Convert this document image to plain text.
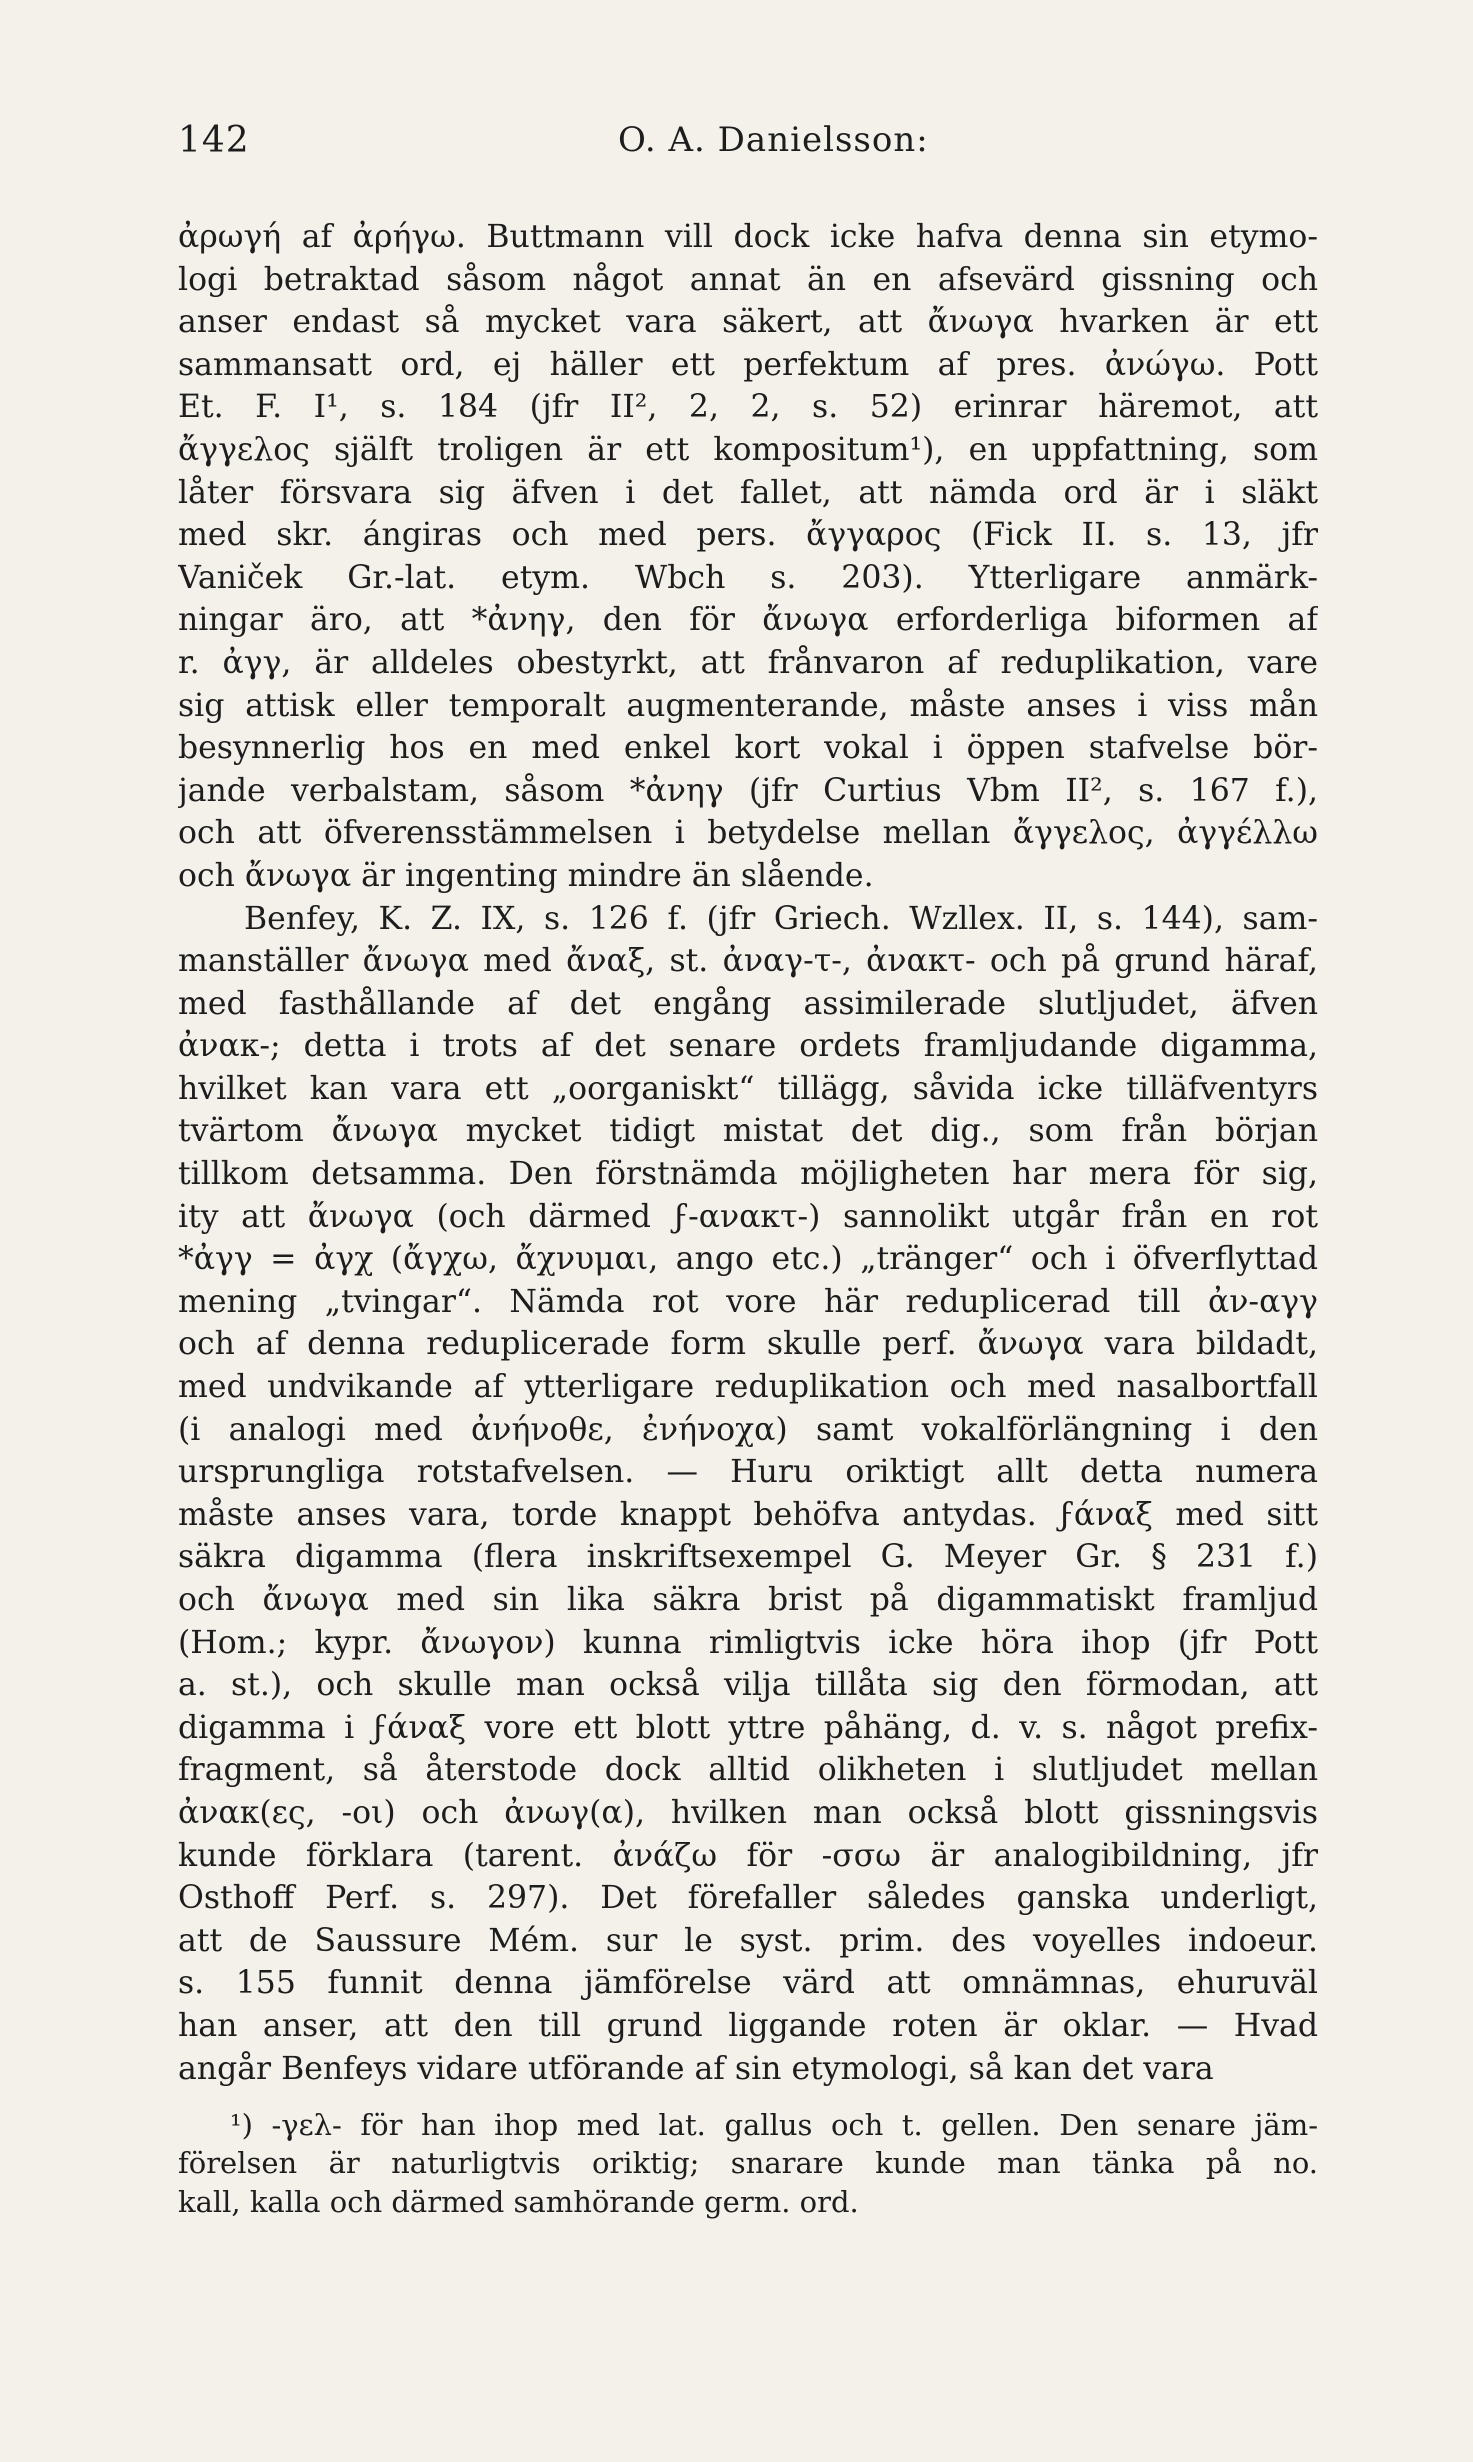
142	O. A. Danielsson:
ἀρωγή af ἀρήγω. Buttmann vill dock icke hafva denna sin etymo-
logi betraktad såsom något annat än en afsevärd gissning och
anser endast så mycket vara säkert, att ἄνωγα hvarken är ett
sammansatt ord, ej häller ett perfektum af pres. ἀνώγω. Pott
Et. F. I¹, s. 184 (jfr II², 2, 2, s. 52) erinrar häremot, att
ἄγγελος själft troligen är ett kompositum¹), en uppfattning, som
låter försvara sig äfven i det fallet, att nämda ord är i släkt
med skr. ángiras och med pers. ἄγγαρος (Fick II. s. 13, jfr
Vaniček Gr.-lat. etym. Wbch s. 203). Ytterligare anmärk-
ningar äro, att *ἀνηγ, den för ἄνωγα erforderliga biformen af
r. ἀγγ, är alldeles obestyrkt, att frånvaron af reduplikation, vare
sig attisk eller temporalt augmenterande, måste anses i viss mån
besynnerlig hos en med enkel kort vokal i öppen stafvelse bör-
jande verbalstam, såsom *ἀνηγ (jfr Curtius Vbm II², s. 167 f.),
och att öfverensstämmelsen i betydelse mellan ἄγγελος, ἀγγέλλω
och ἄνωγα är ingenting mindre än slående.
Benfey, K. Z. IX, s. 126 f. (jfr Griech. Wzllex. II, s. 144), sam-
manställer ἄνωγα med ἄναξ, st. ἀναγ-τ-, ἀνακτ- och på grund häraf,
med fasthållande af det engång assimilerade slutljudet, äfven
ἀνακ-; detta i trots af det senare ordets framljudande digamma,
' hvilket kan vara ett „oorganiskt“ tillägg, såvida icke tilläfventyrs
tvärtom ἄνωγα mycket tidigt mistat det dig., som från början
tillkom detsamma. Den förstnämda möjligheten har mera för sig,
ity att ἄνωγα (och därmed ϝ-ανακτ-) sannolikt utgår från en rot
*ἀγγ = ἀγχ (ἄγχω, ἄχνυμαι, ango etc.) „tränger“ och i öfverflyttad
mening „tvingar“. Nämda rot vore här reduplicerad till ἀν-αγγ
och af denna reduplicerade form skulle perf. ἄνωγα vara bildadt,
med undvikande af ytterligare reduplikation och med nasalbortfall
(i analogi med ἀνήνοθε, ἐνήνοχα) samt vokalförlängning i den
ursprungliga rotstafvelsen. — Huru oriktigt allt detta numera
måste anses vara, torde knappt behöfva antydas. ϝάναξ med sitt
säkra digamma (flera inskriftsexempel G. Meyer Gr. § 231 f.)
och ἄνωγα med sin lika säkra brist på digammatiskt framljud
(Hom.; kypr. ἄνωγον) kunna rimligtvis icke höra ihop (jfr Pott
a. st.), och skulle man också vilja tillåta sig den förmodan, att
digamma i ϝάναξ vore ett blott yttre påhäng, d. v. s. något prefix-
fragment, så återstode dock alltid olikheten i slutljudet mellan
ἀνακ(ες, -οι) och ἀνωγ(α), hvilken man också blott gissningsvis
kunde förklara (tarent. ἀνάζω för -σσω är analogibildning, jfr
Osthoff Perf. s. 297). Det förefaller således ganska underligt,
att de Saussure Mém. sur le syst. prim. des voyelles indoeur.
s. 155 funnit denna jämförelse värd att omnämnas, ehuruväl
han anser, att den till grund liggande roten är oklar. — Hvad
angår Benfeys vidare utförande af sin etymologi, så kan det vara
¹) -γελ- för han ihop med lat. gallus och t. gellen. Den senare jäm-
förelsen är naturligtvis oriktig; snarare kunde man tänka på no.
kall, kalla och därmed samhörande germ. ord.
